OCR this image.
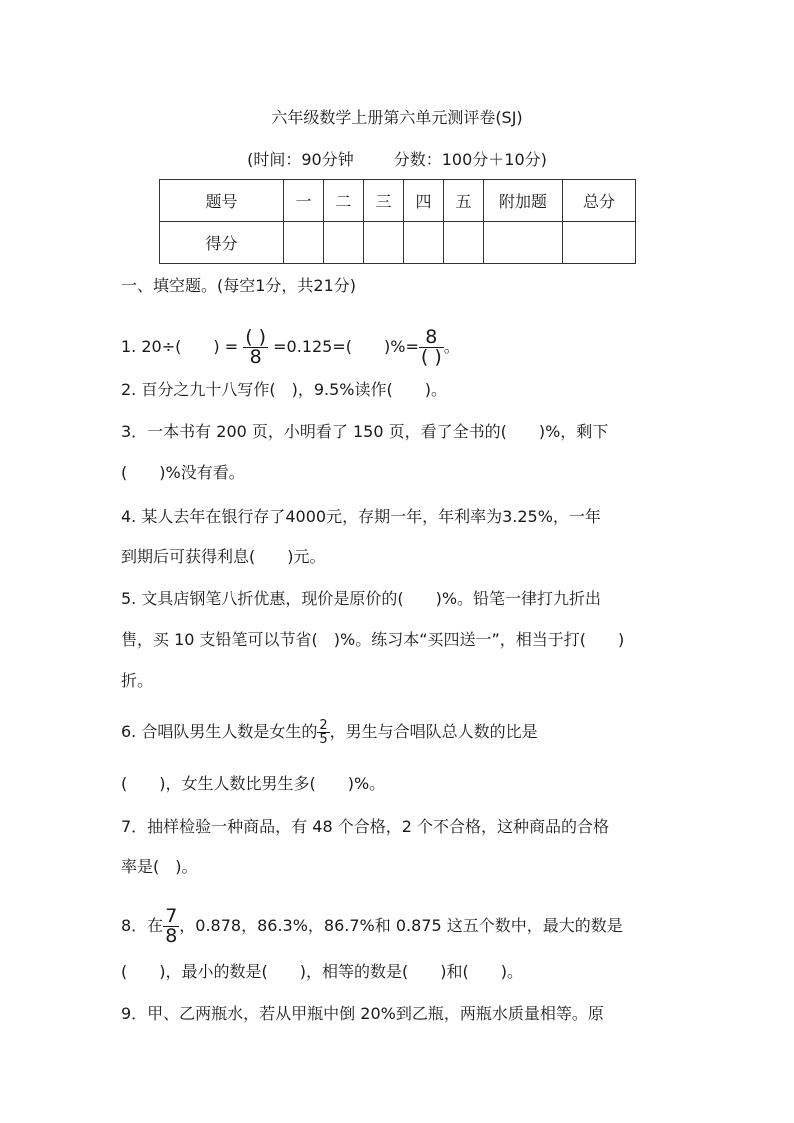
六年级数学上册第六单元测评卷(SJ)
(时间：90分钟	分数：100分＋10分)
题号	一	二	三	四	五	附加题	总分
得分							
一、填空题。(每空1分，共21分)
1. 20÷(　　) = $\frac{( )}{8} =0.125=$(　　)%= $\frac{8}{( )}$ 。
2. 百分之九十八写作(　)，9.5%读作(　　)。
3．一本书有 200 页，小明看了 150 页，看了全书的(　　)%，剩下
(　　)%没有看。
4. 某人去年在银行存了4000元，存期一年，年利率为3.25%，一年
到期后可获得利息(　　)元。
5. 文具店钢笔八折优惠，现价是原价的(　　)%。铅笔一律打九折出
售，买 10 支铅笔可以节省(　)%。练习本“买四送一”，相当于打(　　)
折。
6. 合唱队男生人数是女生的 $\frac{2}{5}$ ，男生与合唱队总人数的比是
(　　)，女生人数比男生多(　　)%。
7．抽样检验一种商品，有 48 个合格，2 个不合格，这种商品的合格
率是(　)。
8．在 $\frac{7}{8}$ ，0.878，86.3%，86.7%和 0.875 这五个数中，最大的数是
(　　)，最小的数是(　　)，相等的数是(　　)和(　　)。
9．甲、乙两瓶水，若从甲瓶中倒 20%到乙瓶，两瓶水质量相等。原
